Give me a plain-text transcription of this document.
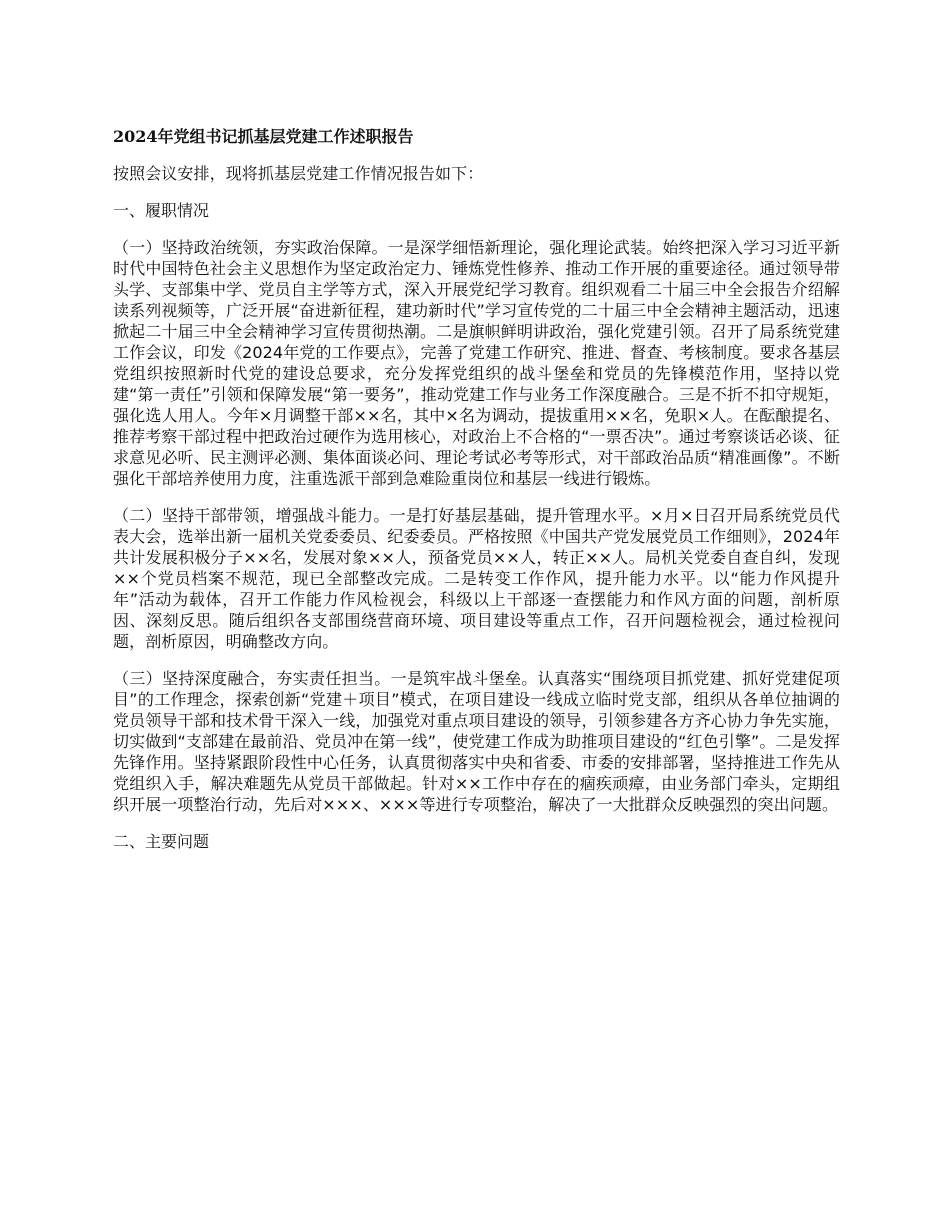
2024年党组书记抓基层党建工作述职报告
按照会议安排，现将抓基层党建工作情况报告如下：
一、履职情况
（一）坚持政治统领，夯实政治保障。一是深学细悟新理论，强化理论武装。始终把深入学习习近平新时代中国特色社会主义思想作为坚定政治定力、锤炼党性修养、推动工作开展的重要途径。通过领导带头学、支部集中学、党员自主学等方式，深入开展党纪学习教育。组织观看二十届三中全会报告介绍解读系列视频等，广泛开展“奋进新征程，建功新时代”学习宣传党的二十届三中全会精神主题活动，迅速掀起二十届三中全会精神学习宣传贯彻热潮。二是旗帜鲜明讲政治，强化党建引领。召开了局系统党建工作会议，印发《2024年党的工作要点》，完善了党建工作研究、推进、督查、考核制度。要求各基层党组织按照新时代党的建设总要求，充分发挥党组织的战斗堡垒和党员的先锋模范作用，坚持以党建“第一责任”引领和保障发展“第一要务”，推动党建工作与业务工作深度融合。三是不折不扣守规矩，强化选人用人。今年×月调整干部××名，其中×名为调动，提拔重用××名，免职×人。在酝酿提名、推荐考察干部过程中把政治过硬作为选用核心，对政治上不合格的“一票否决”。通过考察谈话必谈、征求意见必听、民主测评必测、集体面谈必问、理论考试必考等形式，对干部政治品质“精准画像”。不断强化干部培养使用力度，注重选派干部到急难险重岗位和基层一线进行锻炼。
（二）坚持干部带领，增强战斗能力。一是打好基层基础，提升管理水平。×月×日召开局系统党员代表大会，选举出新一届机关党委委员、纪委委员。严格按照《中国共产党发展党员工作细则》，2024年共计发展积极分子××名，发展对象××人，预备党员××人，转正××人。局机关党委自查自纠，发现××个党员档案不规范，现已全部整改完成。二是转变工作作风，提升能力水平。以“能力作风提升年”活动为载体，召开工作能力作风检视会，科级以上干部逐一查摆能力和作风方面的问题，剖析原因、深刻反思。随后组织各支部围绕营商环境、项目建设等重点工作，召开问题检视会，通过检视问题，剖析原因，明确整改方向。
（三）坚持深度融合，夯实责任担当。一是筑牢战斗堡垒。认真落实“围绕项目抓党建、抓好党建促项目”的工作理念，探索创新“党建＋项目”模式，在项目建设一线成立临时党支部，组织从各单位抽调的党员领导干部和技术骨干深入一线，加强党对重点项目建设的领导，引领参建各方齐心协力争先实施，切实做到“支部建在最前沿、党员冲在第一线”，使党建工作成为助推项目建设的“红色引擎”。二是发挥先锋作用。坚持紧跟阶段性中心任务，认真贯彻落实中央和省委、市委的安排部署，坚持推进工作先从党组织入手，解决难题先从党员干部做起。针对××工作中存在的痼疾顽瘴，由业务部门牵头，定期组织开展一项整治行动，先后对×××、×××等进行专项整治，解决了一大批群众反映强烈的突出问题。
二、主要问题
